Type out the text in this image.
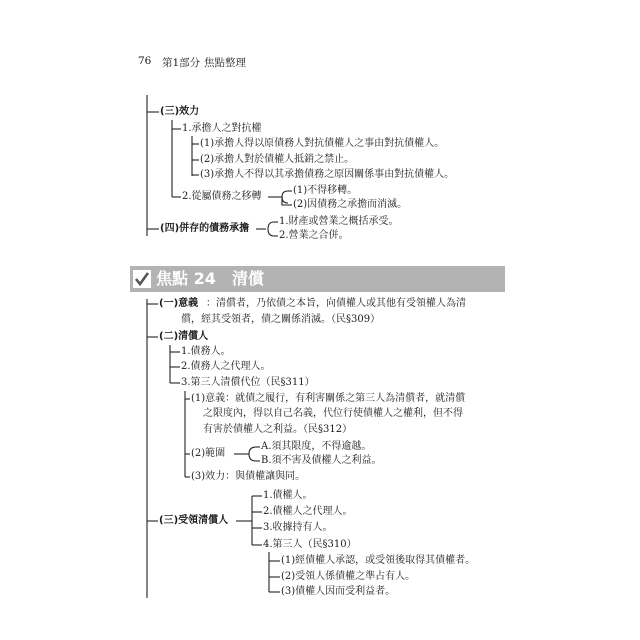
76 第1部分 焦點整理
(三)效力
1.承擔人之對抗權
(1)承擔人得以原債務人對抗債權人之事由對抗債權人。
(2)承擔人對於債權人抵銷之禁止。
(3)承擔人不得以其承擔債務之原因關係事由對抗債權人。
2.從屬債務之移轉
(1)不得移轉。
(2)因債務之承擔而消滅。
(四)併存的債務承擔
1.財產或營業之概括承受。
2.營業之合併。
焦點 24 清償
(一)意義 ：清償者，乃依債之本旨，向債權人或其他有受領權人為清
償，經其受領者，債之關係消滅。（民§309）
(二)清償人
1.債務人。
2.債務人之代理人。
3.第三人清償代位（民§311）
(1)意義：就債之履行，有利害關係之第三人為清償者，就清償
之限度內，得以自己名義，代位行使債權人之權利，但不得
有害於債權人之利益。（民§312）
(2)範圍
A.須其限度，不得逾越。
B.須不害及債權人之利益。
(3)效力：與債權讓與同。
(三)受領清償人
1.債權人。
2.債權人之代理人。
3.收據持有人。
4.第三人（民§310）
(1)經債權人承認，或受領後取得其債權者。
(2)受領人係債權之準占有人。
(3)債權人因而受利益者。
